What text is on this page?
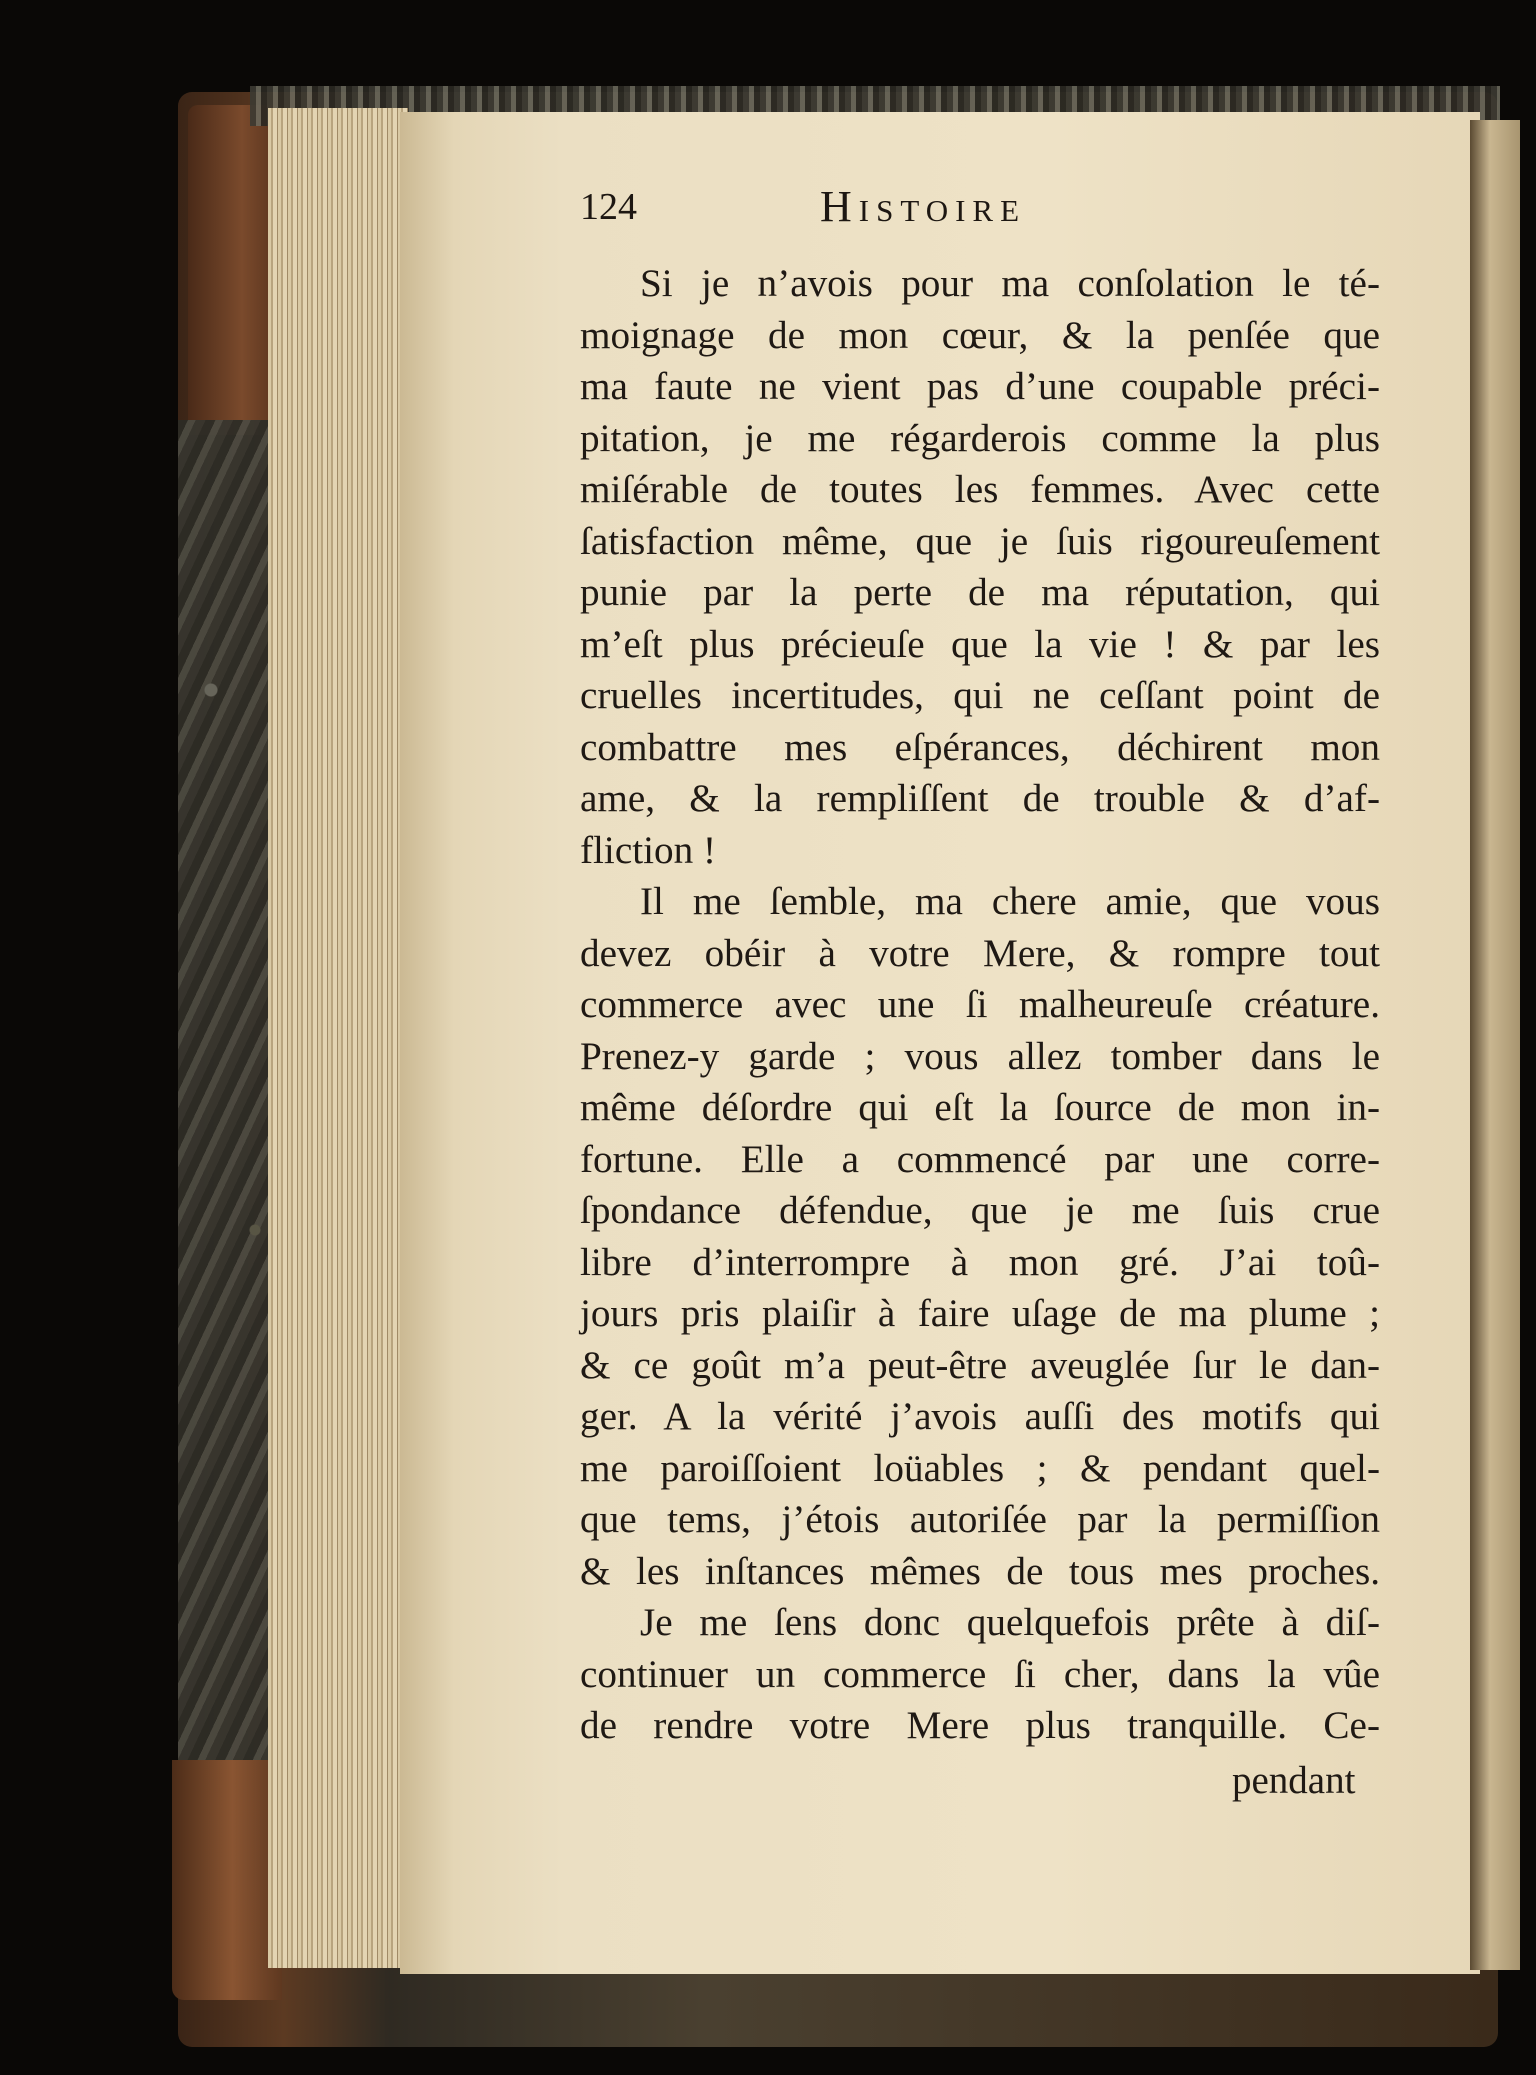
124	Histoire
Si je n’avois pour ma conſolation le té-
moignage de mon cœur, & la penſée que
ma faute ne vient pas d’une coupable préci-
pitation, je me régarderois comme la plus
miſérable de toutes les femmes. Avec cette
ſatisfaction même, que je ſuis rigoureuſement
punie par la perte de ma réputation, qui
m’eſt plus précieuſe que la vie ! & par les
cruelles incertitudes, qui ne ceſſant point de
combattre mes eſpérances, déchirent mon
ame, & la rempliſſent de trouble & d’af-
fliction !
Il me ſemble, ma chere amie, que vous
devez obéir à votre Mere, & rompre tout
commerce avec une ſi malheureuſe créature.
Prenez-y garde ; vous allez tomber dans le
même déſordre qui eſt la ſource de mon in-
fortune. Elle a commencé par une corre-
ſpondance défendue, que je me ſuis crue
libre d’interrompre à mon gré. J’ai toû-
jours pris plaiſir à faire uſage de ma plume ;
& ce goût m’a peut-être aveuglée ſur le dan-
ger. A la vérité j’avois auſſi des motifs qui
me paroiſſoient loüables ; & pendant quel-
que tems, j’étois autoriſée par la permiſſion
& les inſtances mêmes de tous mes proches.
Je me ſens donc quelquefois prête à diſ-
continuer un commerce ſi cher, dans la vûe
de rendre votre Mere plus tranquille. Ce-
pendant
